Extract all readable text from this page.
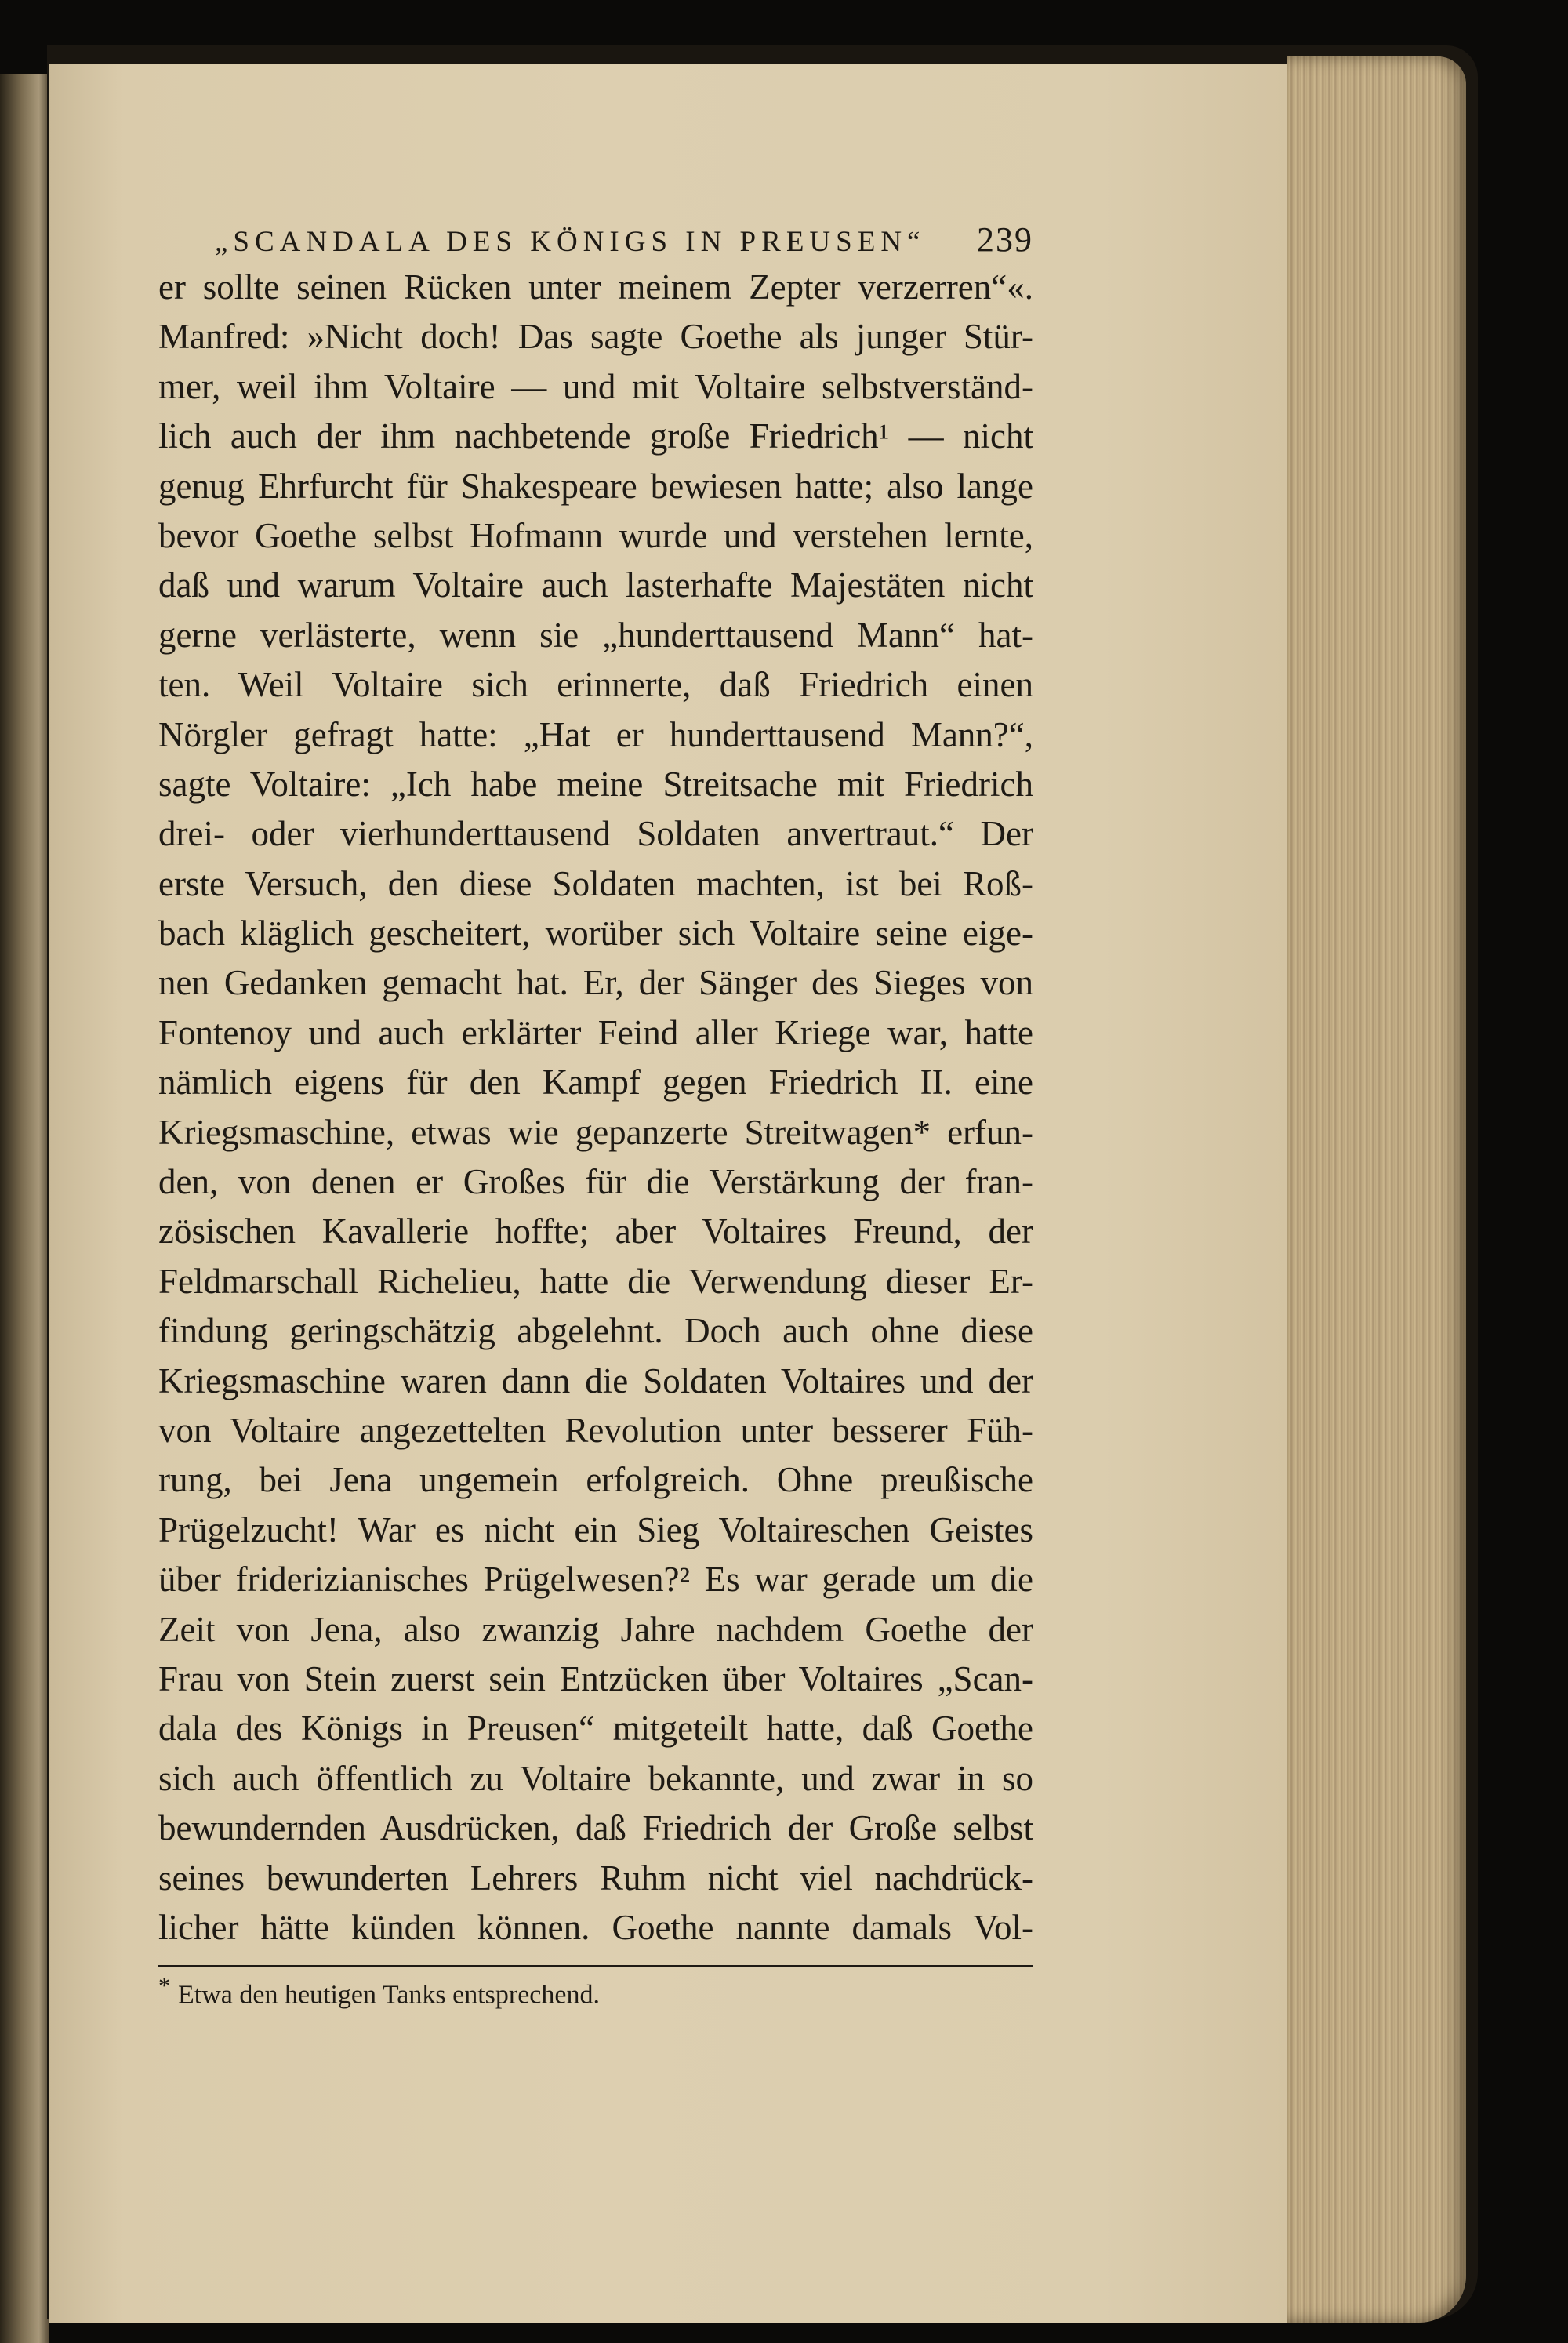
„SCANDALA DES KÖNIGS IN PREUSEN“ 239
er sollte seinen Rücken unter meinem Zepter verzerren“«.
Manfred: »Nicht doch! Das sagte Goethe als junger Stür-
mer, weil ihm Voltaire — und mit Voltaire selbstverständ-
lich auch der ihm nachbetende große Friedrich¹ — nicht
genug Ehrfurcht für Shakespeare bewiesen hatte; also lange
bevor Goethe selbst Hofmann wurde und verstehen lernte,
daß und warum Voltaire auch lasterhafte Majestäten nicht
gerne verlästerte, wenn sie „hunderttausend Mann“ hat-
ten. Weil Voltaire sich erinnerte, daß Friedrich einen
Nörgler gefragt hatte: „Hat er hunderttausend Mann?“,
sagte Voltaire: „Ich habe meine Streitsache mit Friedrich
drei- oder vierhunderttausend Soldaten anvertraut.“ Der
erste Versuch, den diese Soldaten machten, ist bei Roß-
bach kläglich gescheitert, worüber sich Voltaire seine eige-
nen Gedanken gemacht hat. Er, der Sänger des Sieges von
Fontenoy und auch erklärter Feind aller Kriege war, hatte
nämlich eigens für den Kampf gegen Friedrich II. eine
Kriegsmaschine, etwas wie gepanzerte Streitwagen* erfun-
den, von denen er Großes für die Verstärkung der fran-
zösischen Kavallerie hoffte; aber Voltaires Freund, der
Feldmarschall Richelieu, hatte die Verwendung dieser Er-
findung geringschätzig abgelehnt. Doch auch ohne diese
Kriegsmaschine waren dann die Soldaten Voltaires und der
von Voltaire angezettelten Revolution unter besserer Füh-
rung, bei Jena ungemein erfolgreich. Ohne preußische
Prügelzucht! War es nicht ein Sieg Voltaireschen Geistes
über friderizianisches Prügelwesen?² Es war gerade um die
Zeit von Jena, also zwanzig Jahre nachdem Goethe der
Frau von Stein zuerst sein Entzücken über Voltaires „Scan-
dala des Königs in Preusen“ mitgeteilt hatte, daß Goethe
sich auch öffentlich zu Voltaire bekannte, und zwar in so
bewundernden Ausdrücken, daß Friedrich der Große selbst
seines bewunderten Lehrers Ruhm nicht viel nachdrück-
licher hätte künden können. Goethe nannte damals Vol-
* Etwa den heutigen Tanks entsprechend.
